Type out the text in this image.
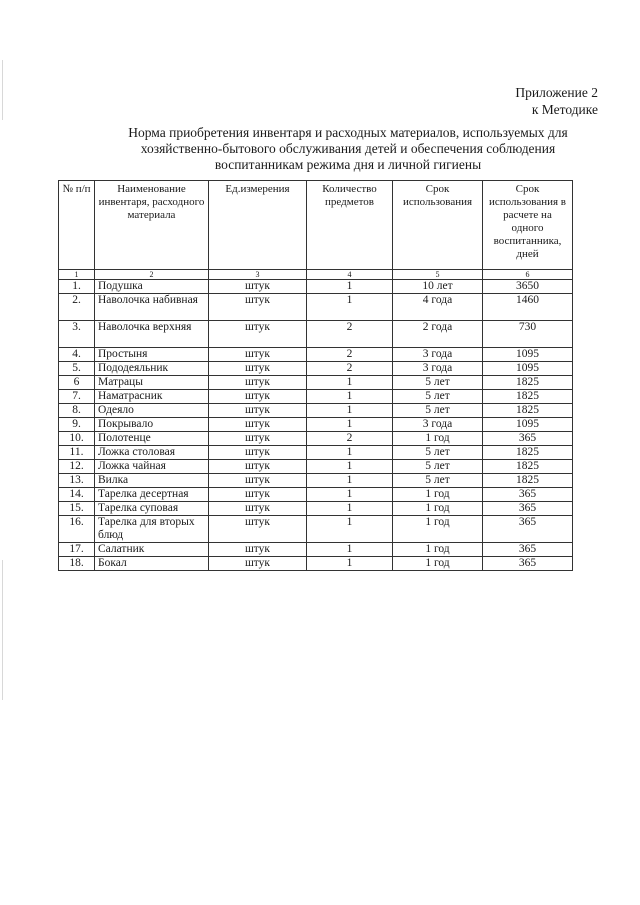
Приложение 2
к Методике
Норма приобретения инвентаря и расходных материалов, используемых для
хозяйственно-бытового обслуживания детей и обеспечения соблюдения
воспитанникам режима дня и личной гигиены
№ п/п	Наименование инвентаря, расходного материала	Ед.измерения	Количество предметов	Срок использования	Срок использования в расчете на одного воспитанника, дней
1	2	3	4	5	6
1.	Подушка	штук	1	10 лет	3650
2.	Наволочка набивная	штук	1	4 года	1460
3.	Наволочка верхняя	штук	2	2 года	730
4.	Простыня	штук	2	3 года	1095
5.	Пододеяльник	штук	2	3 года	1095
6	Матрацы	штук	1	5 лет	1825
7.	Наматрасник	штук	1	5 лет	1825
8.	Одеяло	штук	1	5 лет	1825
9.	Покрывало	штук	1	3 года	1095
10.	Полотенце	штук	2	1 год	365
11.	Ложка столовая	штук	1	5 лет	1825
12.	Ложка чайная	штук	1	5 лет	1825
13.	Вилка	штук	1	5 лет	1825
14.	Тарелка десертная	штук	1	1 год	365
15.	Тарелка суповая	штук	1	1 год	365
16.	Тарелка для вторых блюд	штук	1	1 год	365
17.	Салатник	штук	1	1 год	365
18.	Бокал	штук	1	1 год	365
